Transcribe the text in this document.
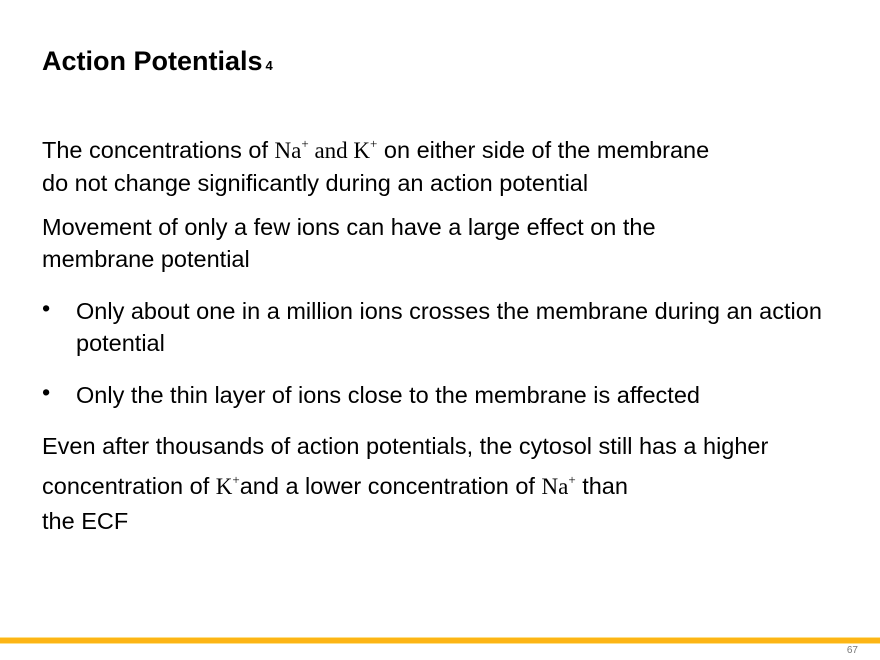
Action Potentials 4
The concentrations of Na+ and K+ on either side of the membrane
do not change significantly during an action potential
Movement of only a few ions can have a large effect on the membrane potential
• Only about one in a million ions crosses the membrane during an action potential
• Only the thin layer of ions close to the membrane is affected
Even after thousands of action potentials, the cytosol still has a higher concentration of K+and a lower concentration of Na+ than
the ECF
67
